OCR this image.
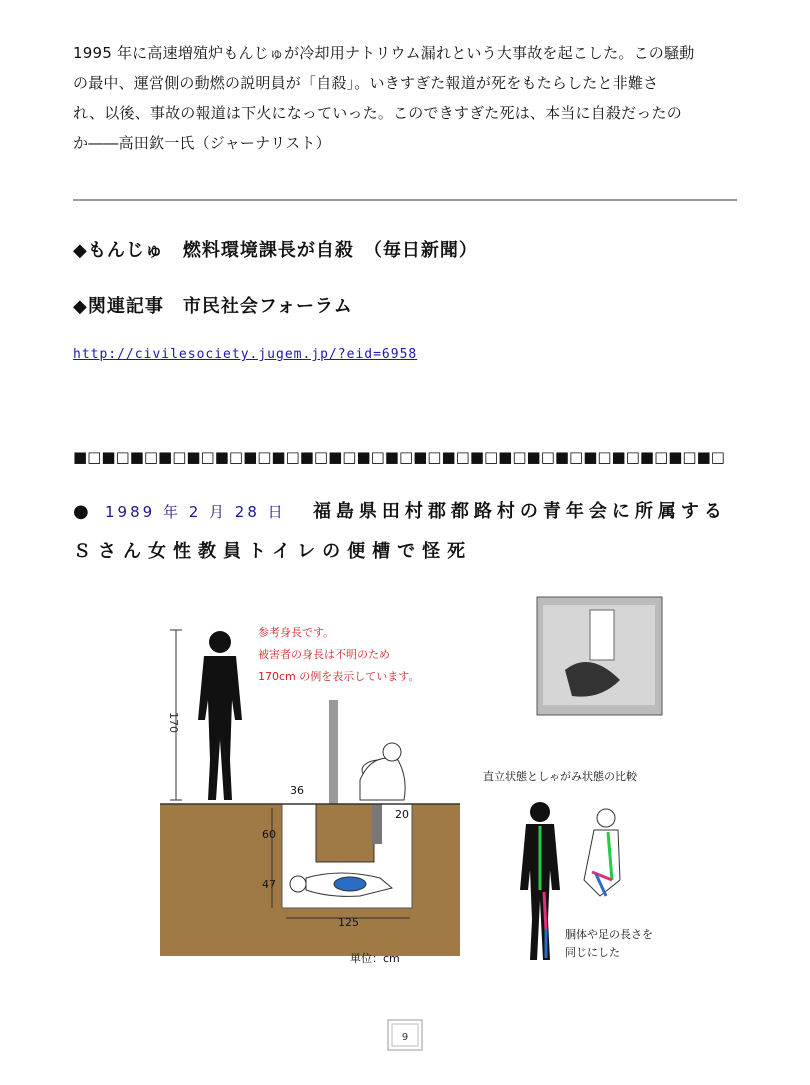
1995 年に高速増殖炉もんじゅが冷却用ナトリウム漏れという大事故を起こした。この騒動
の最中、運営側の動燃の説明員が「自殺」。いきすぎた報道が死をもたらしたと非難さ
れ、以後、事故の報道は下火になっていった。このできすぎた死は、本当に自殺だったの
か――高田欽一氏（ジャーナリスト）
◆もんじゅ　燃料環境課長が自殺　（毎日新聞）
◆関連記事　市民社会フォーラム
http://civilesociety.jugem.jp/?eid=6958
■□■□■□■□■□■□■□■□■□■□■□■□■□■□■□■□■□■□■□■□■□■□■□
● 1989 年 2 月 28 日 福島県田村郡都路村の青年会に所属する
Ｓさん女性教員トイレの便槽で怪死
170
参考身長です。
被害者の身長は不明のため
170cm の例を表示しています。
36
20
60
47
125
単位：cm
直立状態としゃがみ状態の比較
胴体や足の長さを
同じにした
9
